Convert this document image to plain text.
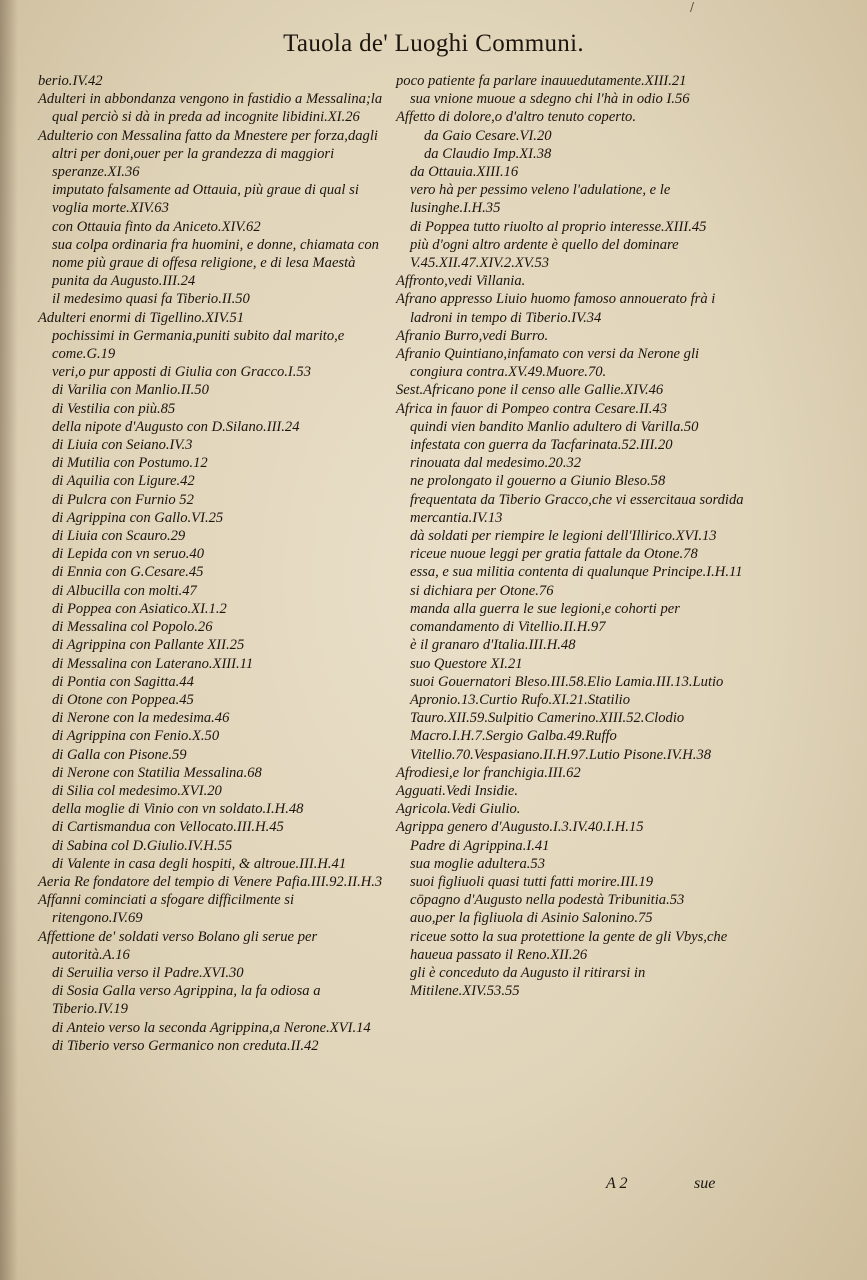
/
Tauola de' Luoghi Communi.
berio.IV.42
Adulteri in abbondanza vengono in fastidio a Messalina;la qual perciò si dà in preda ad incognite libidini.XI.26
Adulterio con Messalina fatto da Mnestere per forza,dagli altri per doni,ouer per la grandezza di maggiori speranze.XI.36
imputato falsamente ad Ottauia, più graue di qual si voglia morte.XIV.63
con Ottauia finto da Aniceto.XIV.62
sua colpa ordinaria fra huomini, e donne, chiamata con nome più graue di offesa religione, e di lesa Maestà punita da Augusto.III.24
il medesimo quasi fa Tiberio.II.50
Adulteri enormi di Tigellino.XIV.51
pochissimi in Germania,puniti subito dal marito,e come.G.19
veri,o pur apposti di Giulia con Gracco.I.53
di Varilia con Manlio.II.50
di Vestilia con più.85
della nipote d'Augusto con D.Silano.III.24
di Liuia con Seiano.IV.3
di Mutilia con Postumo.12
di Aquilia con Ligure.42
di Pulcra con Furnio 52
di Agrippina con Gallo.VI.25
di Liuia con Scauro.29
di Lepida con vn seruo.40
di Ennia con G.Cesare.45
di Albucilla con molti.47
di Poppea con Asiatico.XI.1.2
di Messalina col Popolo.26
di Agrippina con Pallante XII.25
di Messalina con Laterano.XIII.11
di Pontia con Sagitta.44
di Otone con Poppea.45
di Nerone con la medesima.46
di Agrippina con Fenio.X.50
di Galla con Pisone.59
di Nerone con Statilia Messalina.68
di Silia col medesimo.XVI.20
della moglie di Vinio con vn soldato.I.H.48
di Cartismandua con Vellocato.III.H.45
di Sabina col D.Giulio.IV.H.55
di Valente in casa degli hospiti, & altroue.III.H.41
Aeria Re fondatore del tempio di Venere Pafia.III.92.II.H.3
Affanni cominciati a sfogare difficilmente si ritengono.IV.69
Affettione de' soldati verso Bolano gli serue per autorità.A.16
di Seruilia verso il Padre.XVI.30
di Sosia Galla verso Agrippina, la fa odiosa a Tiberio.IV.19
di Anteio verso la seconda Agrippina,a Nerone.XVI.14
di Tiberio verso Germanico non creduta.II.42
poco patiente fa parlare inauuedutamente.XIII.21
sua vnione muoue a sdegno chi l'hà in odio I.56
Affetto di dolore,o d'altro tenuto coperto.
da Gaio Cesare.VI.20
da Claudio Imp.XI.38
da Ottauia.XIII.16
vero hà per pessimo veleno l'adulatione, e le lusinghe.I.H.35
di Poppea tutto riuolto al proprio interesse.XIII.45
più d'ogni altro ardente è quello del dominare V.45.XII.47.XIV.2.XV.53
Affronto,vedi Villania.
Afrano appresso Liuio huomo famoso annouerato frà i ladroni in tempo di Tiberio.IV.34
Afranio Burro,vedi Burro.
Afranio Quintiano,infamato con versi da Nerone gli congiura contra.XV.49.Muore.70.
Sest.Africano pone il censo alle Gallie.XIV.46
Africa in fauor di Pompeo contra Cesare.II.43
quindi vien bandito Manlio adultero di Varilla.50
infestata con guerra da Tacfarinata.52.III.20
rinouata dal medesimo.20.32
ne prolongato il gouerno a Giunio Bleso.58
frequentata da Tiberio Gracco,che vi essercitaua sordida mercantia.IV.13
dà soldati per riempire le legioni dell'Illirico.XVI.13
riceue nuoue leggi per gratia fattale da Otone.78
essa, e sua militia contenta di qualunque Principe.I.H.11
si dichiara per Otone.76
manda alla guerra le sue legioni,e cohorti per comandamento di Vitellio.II.H.97
è il granaro d'Italia.III.H.48
suo Questore XI.21
suoi Gouernatori Bleso.III.58.Elio Lamia.III.13.Lutio Apronio.13.Curtio Rufo.XI.21.Statilio Tauro.XII.59.Sulpitio Camerino.XIII.52.Clodio Macro.I.H.7.Sergio Galba.49.Ruffo Vitellio.70.Vespasiano.II.H.97.Lutio Pisone.IV.H.38
Afrodiesi,e lor franchigia.III.62
Agguati.Vedi Insidie.
Agricola.Vedi Giulio.
Agrippa genero d'Augusto.I.3.IV.40.I.H.15
Padre di Agrippina.I.41
sua moglie adultera.53
suoi figliuoli quasi tutti fatti morire.III.19
cōpagno d'Augusto nella podestà Tribunitia.53
auo,per la figliuola di Asinio Salonino.75
riceue sotto la sua protettione la gente de gli Vbys,che haueua passato il Reno.XII.26
gli è conceduto da Augusto il ritirarsi in Mitilene.XIV.53.55
A 2	sue
